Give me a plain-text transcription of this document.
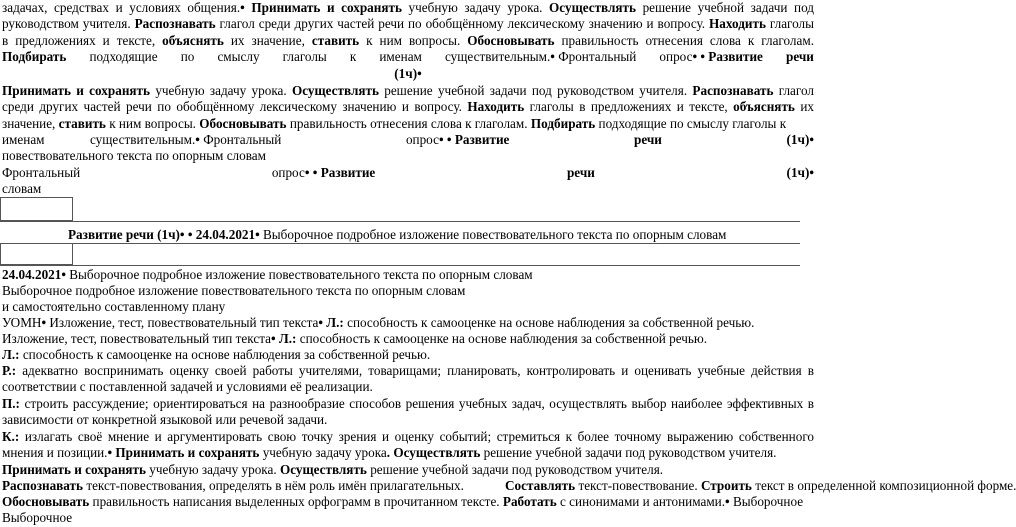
задачах, средствах и условиях общения.• Принимать и сохранять учебную задачу урока. Осуществлять решение учебной задачи под
руководством учителя. Распознавать глагол среди других частей речи по обобщённому лексическому значению и вопросу. Находить глаголы
в предложениях и тексте, объяснять их значение, ставить к ним вопросы. Обосновывать правильность отнесения слова к глаголам.
Подбирать подходящие по смыслу глаголы к именам существительным.• Фронтальный опрос• • Развитие речи
(1ч)•
Принимать и сохранять учебную задачу урока. Осуществлять решение учебной задачи под руководством учителя. Распознавать глагол среди других частей речи по обобщённому лексическому значению и вопросу. Находить глаголы в предложениях и тексте, объяснять их значение, ставить к ним вопросы. Обосновывать правильность отнесения слова к глаголам. Подбирать подходящие по смыслу глаголы к
именам	существительным.• Фронтальный	опрос• • Развитие	речи	(1ч)•
повествовательного текста по опорным словам
Фронтальный	опрос• • Развитие	речи	(1ч)•
словам
Развитие речи (1ч)• • 24.04.2021• Выборочное подробное изложение повествовательного текста по опорным словам
24.04.2021• Выборочное подробное изложение повествовательного текста по опорным словам
Выборочное подробное изложение повествовательного текста по опорным словам
и самостоятельно составленному плану
УОМН• Изложение, тест, повествовательный тип текста• Л.: способность к самооценке на основе наблюдения за собственной речью.
Изложение, тест, повествовательный тип текста• Л.: способность к самооценке на основе наблюдения за собственной речью.
Л.: способность к самооценке на основе наблюдения за собственной речью.
Р.: адекватно воспринимать оценку своей работы учителями, товарищами; планировать, контролировать и оценивать учебные действия в соответствии с поставленной задачей и условиями её реализации.
П.: строить рассуждение; ориентироваться на разнообразие способов решения учебных задач, осуществлять выбор наиболее эффективных в зависимости от конкретной языковой или речевой задачи.
К.: излагать своё мнение и аргументировать свою точку зрения и оценку событий; стремиться к более точному выражению собственного мнения и позиции.• Принимать и сохранять учебную задачу урока. Осуществлять решение учебной задачи под руководством учителя.
Принимать и сохранять учебную задачу урока. Осуществлять решение учебной задачи под руководством учителя.
Распознавать текст-повествования, определять в нём роль имён прилагательных.	Составлять текст-повествование. Строить текст в определенной композиционной форме.
Обосновывать правильность написания выделенных орфограмм в прочитанном тексте. Работать с синонимами и антонимами.• Выборочное
Выборочное
